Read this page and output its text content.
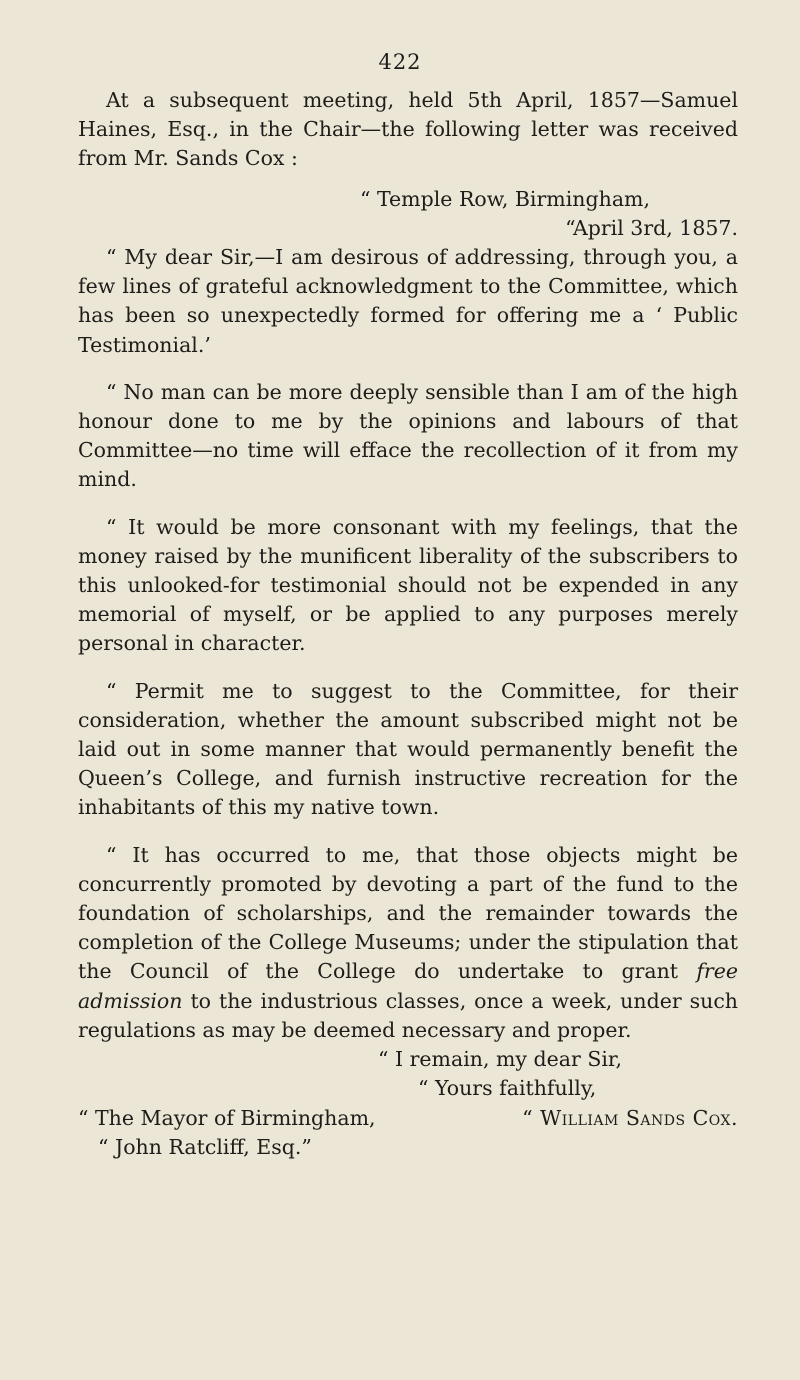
422

At a subsequent meeting, held 5th April, 1857—Samuel Haines, Esq., in the Chair—the following letter was received from Mr. Sands Cox :

“ Temple Row, Birmingham,

“April 3rd, 1857.

“ My dear Sir,—I am desirous of addressing, through you, a few lines of grateful acknowledgment to the Committee, which has been so unexpectedly formed for offering me a ‘ Public Testimonial.’

“ No man can be more deeply sensible than I am of the high honour done to me by the opinions and labours of that Committee—no time will efface the recollection of it from my mind.

“ It would be more consonant with my feelings, that the money raised by the munificent liberality of the subscribers to this unlooked-for testimonial should not be expended in any memorial of myself, or be applied to any purposes merely personal in character.

“ Permit me to suggest to the Committee, for their consideration, whether the amount subscribed might not be laid out in some manner that would permanently benefit the Queen’s College, and furnish instructive recreation for the inhabitants of this my native town.

“ It has occurred to me, that those objects might be concurrently promoted by devoting a part of the fund to the foundation of scholarships, and the remainder towards the completion of the College Museums; under the stipulation that the Council of the College do undertake to grant free admission to the industrious classes, once a week, under such regulations as may be deemed necessary and proper.

“ I remain, my dear Sir,

“ Yours faithfully,

“ The Mayor of Birmingham,	“ William Sands Cox.

“ John Ratcliff, Esq.”
